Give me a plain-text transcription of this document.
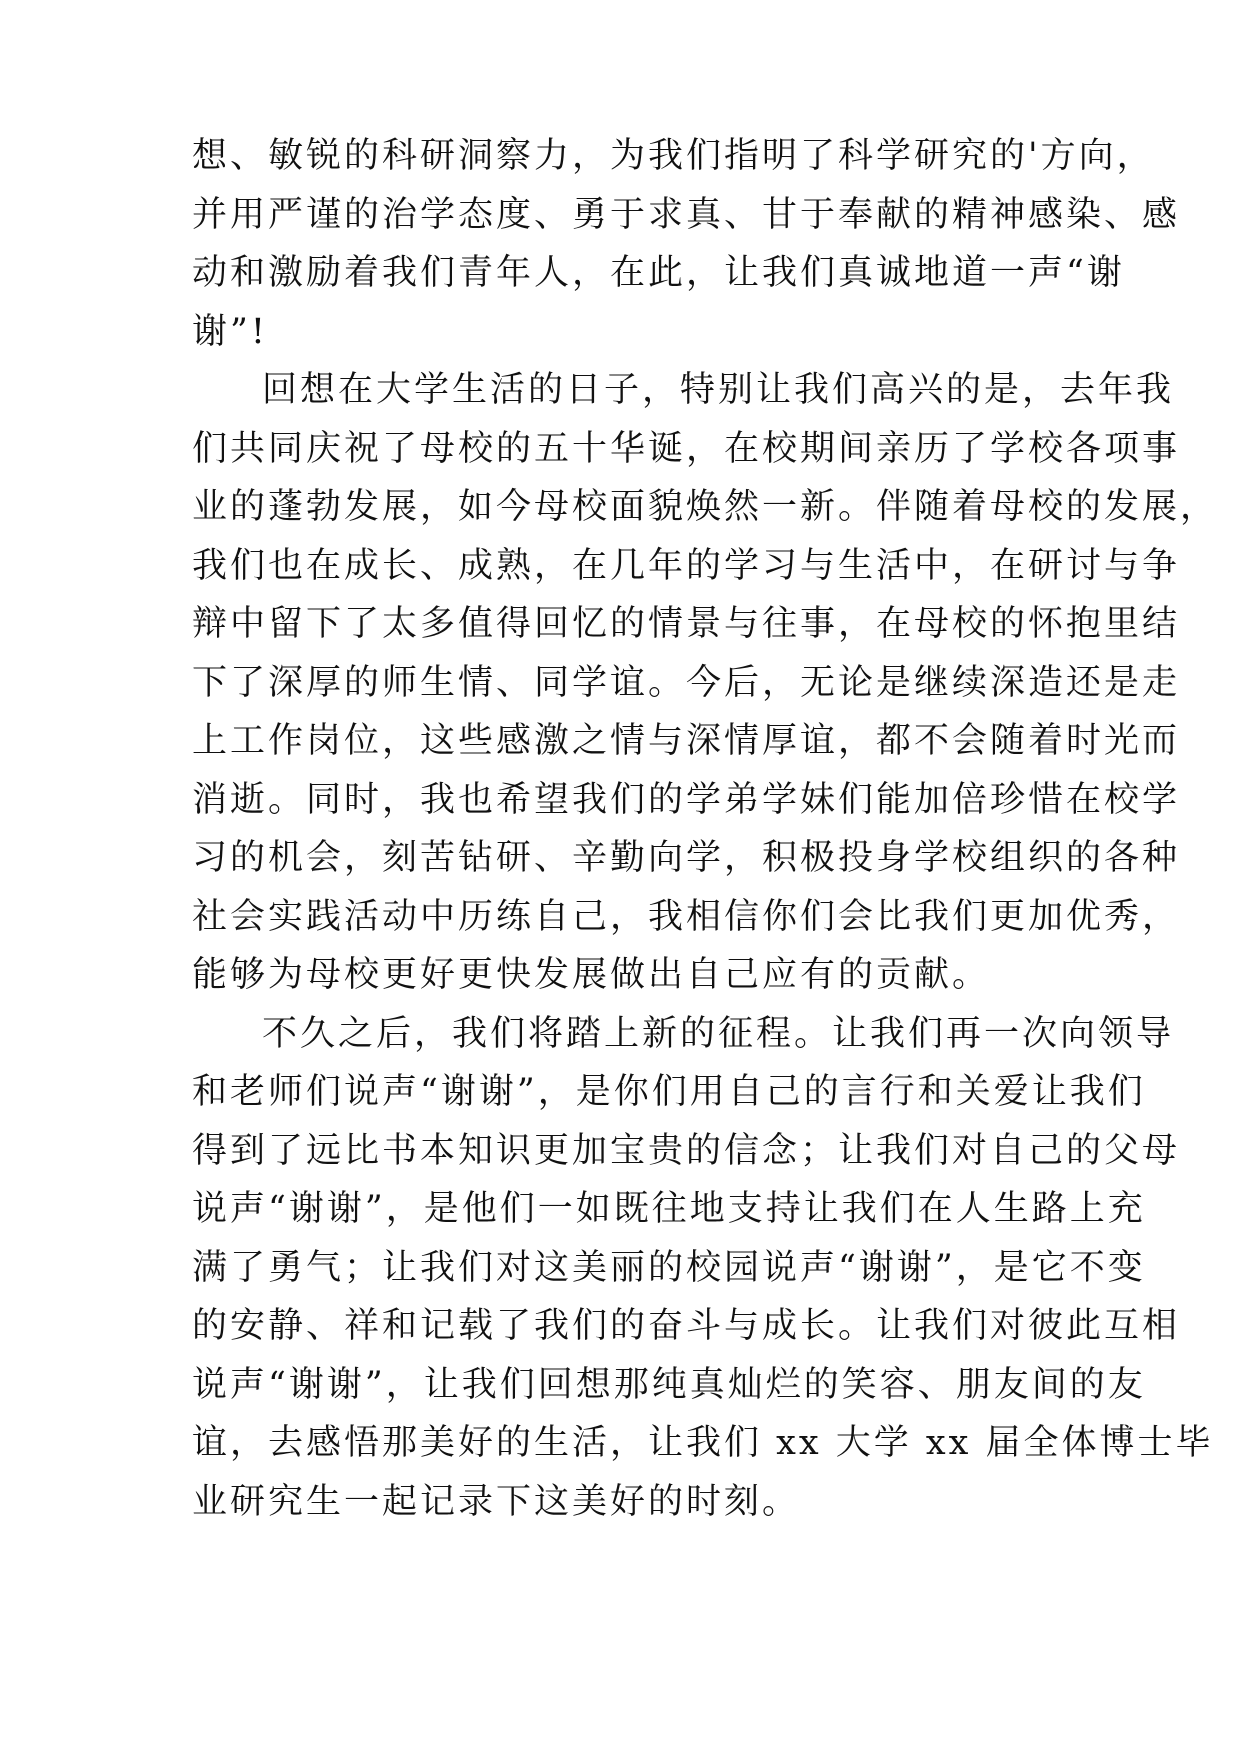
想、敏锐的科研洞察力，为我们指明了科学研究的'方向，
并用严谨的治学态度、勇于求真、甘于奉献的精神感染、感
动和激励着我们青年人，在此，让我们真诚地道一声“谢
谢”!
回想在大学生活的日子，特别让我们高兴的是，去年我
们共同庆祝了母校的五十华诞，在校期间亲历了学校各项事
业的蓬勃发展，如今母校面貌焕然一新。伴随着母校的发展，
我们也在成长、成熟，在几年的学习与生活中，在研讨与争
辩中留下了太多值得回忆的情景与往事，在母校的怀抱里结
下了深厚的师生情、同学谊。今后，无论是继续深造还是走
上工作岗位，这些感激之情与深情厚谊，都不会随着时光而
消逝。同时，我也希望我们的学弟学妹们能加倍珍惜在校学
习的机会，刻苦钻研、辛勤向学，积极投身学校组织的各种
社会实践活动中历练自己，我相信你们会比我们更加优秀，
能够为母校更好更快发展做出自己应有的贡献。
不久之后，我们将踏上新的征程。让我们再一次向领导
和老师们说声“谢谢”，是你们用自己的言行和关爱让我们
得到了远比书本知识更加宝贵的信念；让我们对自己的父母
说声“谢谢”，是他们一如既往地支持让我们在人生路上充
满了勇气；让我们对这美丽的校园说声“谢谢”，是它不变
的安静、祥和记载了我们的奋斗与成长。让我们对彼此互相
说声“谢谢”，让我们回想那纯真灿烂的笑容、朋友间的友
谊，去感悟那美好的生活，让我们 xx 大学 xx 届全体博士毕
业研究生一起记录下这美好的时刻。
